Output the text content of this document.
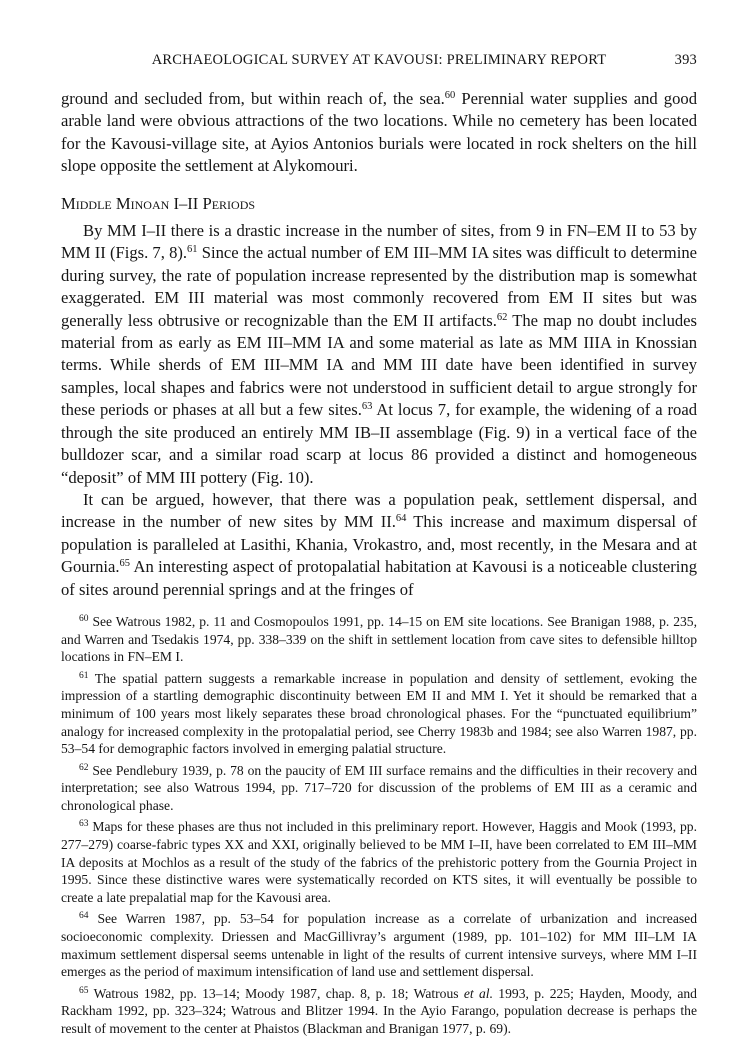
ARCHAEOLOGICAL SURVEY AT KAVOUSI: PRELIMINARY REPORT	393

ground and secluded from, but within reach of, the sea.$^{60}$ Perennial water supplies and good arable land were obvious attractions of the two locations. While no cemetery has been located for the Kavousi-village site, at Ayios Antonios burials were located in rock shelters on the hill slope opposite the settlement at Alykomouri.

Middle Minoan I–II Periods

By MM I–II there is a drastic increase in the number of sites, from 9 in FN–EM II to 53 by MM II (Figs. 7, 8).$^{61}$ Since the actual number of EM III–MM IA sites was difficult to determine during survey, the rate of population increase represented by the distribution map is somewhat exaggerated. EM III material was most commonly recovered from EM II sites but was generally less obtrusive or recognizable than the EM II artifacts.$^{62}$ The map no doubt includes material from as early as EM III–MM IA and some material as late as MM IIIA in Knossian terms. While sherds of EM III–MM IA and MM III date have been identified in survey samples, local shapes and fabrics were not understood in sufficient detail to argue strongly for these periods or phases at all but a few sites.$^{63}$ At locus 7, for example, the widening of a road through the site produced an entirely MM IB–II assemblage (Fig. 9) in a vertical face of the bulldozer scar, and a similar road scarp at locus 86 provided a distinct and homogeneous “deposit” of MM III pottery (Fig. 10).

It can be argued, however, that there was a population peak, settlement dispersal, and increase in the number of new sites by MM II.$^{64}$ This increase and maximum dispersal of population is paralleled at Lasithi, Khania, Vrokastro, and, most recently, in the Mesara and at Gournia.$^{65}$ An interesting aspect of protopalatial habitation at Kavousi is a noticeable clustering of sites around perennial springs and at the fringes of

$^{60}$ See Watrous 1982, p. 11 and Cosmopoulos 1991, pp. 14–15 on EM site locations. See Branigan 1988, p. 235, and Warren and Tsedakis 1974, pp. 338–339 on the shift in settlement location from cave sites to defensible hilltop locations in FN–EM I.

$^{61}$ The spatial pattern suggests a remarkable increase in population and density of settlement, evoking the impression of a startling demographic discontinuity between EM II and MM I. Yet it should be remarked that a minimum of 100 years most likely separates these broad chronological phases. For the “punctuated equilibrium” analogy for increased complexity in the protopalatial period, see Cherry 1983b and 1984; see also Warren 1987, pp. 53–54 for demographic factors involved in emerging palatial structure.

$^{62}$ See Pendlebury 1939, p. 78 on the paucity of EM III surface remains and the difficulties in their recovery and interpretation; see also Watrous 1994, pp. 717–720 for discussion of the problems of EM III as a ceramic and chronological phase.

$^{63}$ Maps for these phases are thus not included in this preliminary report. However, Haggis and Mook (1993, pp. 277–279) coarse-fabric types XX and XXI, originally believed to be MM I–II, have been correlated to EM III–MM IA deposits at Mochlos as a result of the study of the fabrics of the prehistoric pottery from the Gournia Project in 1995. Since these distinctive wares were systematically recorded on KTS sites, it will eventually be possible to create a late prepalatial map for the Kavousi area.

$^{64}$ See Warren 1987, pp. 53–54 for population increase as a correlate of urbanization and increased socioeconomic complexity. Driessen and MacGillivray’s argument (1989, pp. 101–102) for MM III–LM IA maximum settlement dispersal seems untenable in light of the results of current intensive surveys, where MM I–II emerges as the period of maximum intensification of land use and settlement dispersal.

$^{65}$ Watrous 1982, pp. 13–14; Moody 1987, chap. 8, p. 18; Watrous et al. 1993, p. 225; Hayden, Moody, and Rackham 1992, pp. 323–324; Watrous and Blitzer 1994. In the Ayio Farango, population decrease is perhaps the result of movement to the center at Phaistos (Blackman and Branigan 1977, p. 69).
